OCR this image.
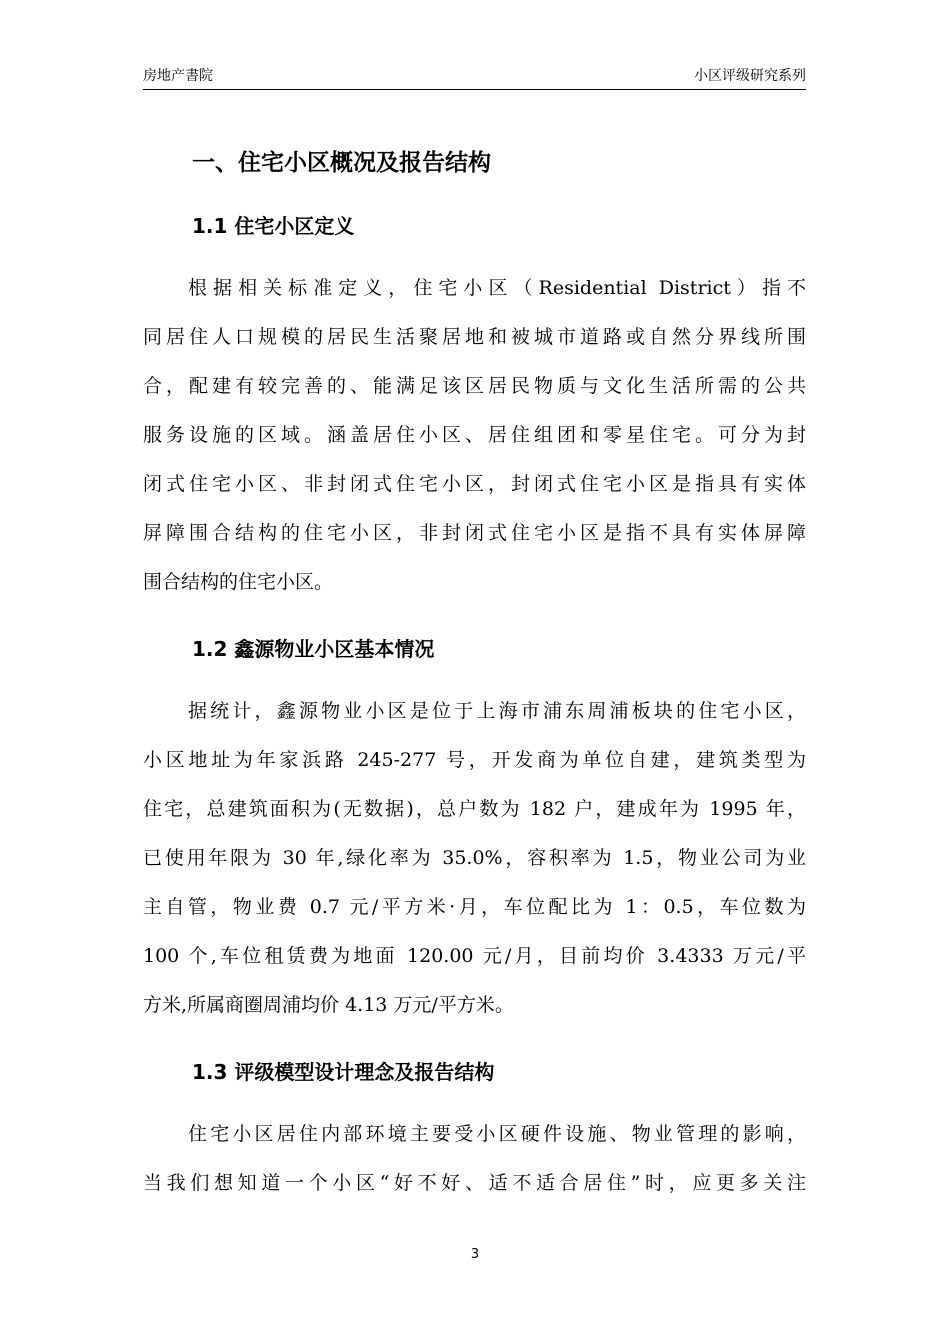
房地产書院	小区评级研究系列
一、住宅小区概况及报告结构
1.1 住宅小区定义
根据相关标准定义，住宅小区（Residential District）指不
同居住人口规模的居民生活聚居地和被城市道路或自然分界线所围
合，配建有较完善的、能满足该区居民物质与文化生活所需的公共
服务设施的区域。涵盖居住小区、居住组团和零星住宅。可分为封
闭式住宅小区、非封闭式住宅小区，封闭式住宅小区是指具有实体
屏障围合结构的住宅小区，非封闭式住宅小区是指不具有实体屏障
围合结构的住宅小区。
1.2 鑫源物业小区基本情况
据统计，鑫源物业小区是位于上海市浦东周浦板块的住宅小区，
小区地址为年家浜路 245-277 号，开发商为单位自建，建筑类型为
住宅，总建筑面积为(无数据)，总户数为 182 户，建成年为 1995 年，
已使用年限为 30 年,绿化率为 35.0%，容积率为 1.5，物业公司为业
主自管，物业费 0.7 元/平方米·月，车位配比为 1：0.5，车位数为
100 个,车位租赁费为地面 120.00 元/月，目前均价 3.4333 万元/平
方米,所属商圈周浦均价 4.13 万元/平方米。
1.3 评级模型设计理念及报告结构
住宅小区居住内部环境主要受小区硬件设施、物业管理的影响，
当我们想知道一个小区“好不好、适不适合居住”时，应更多关注
3
